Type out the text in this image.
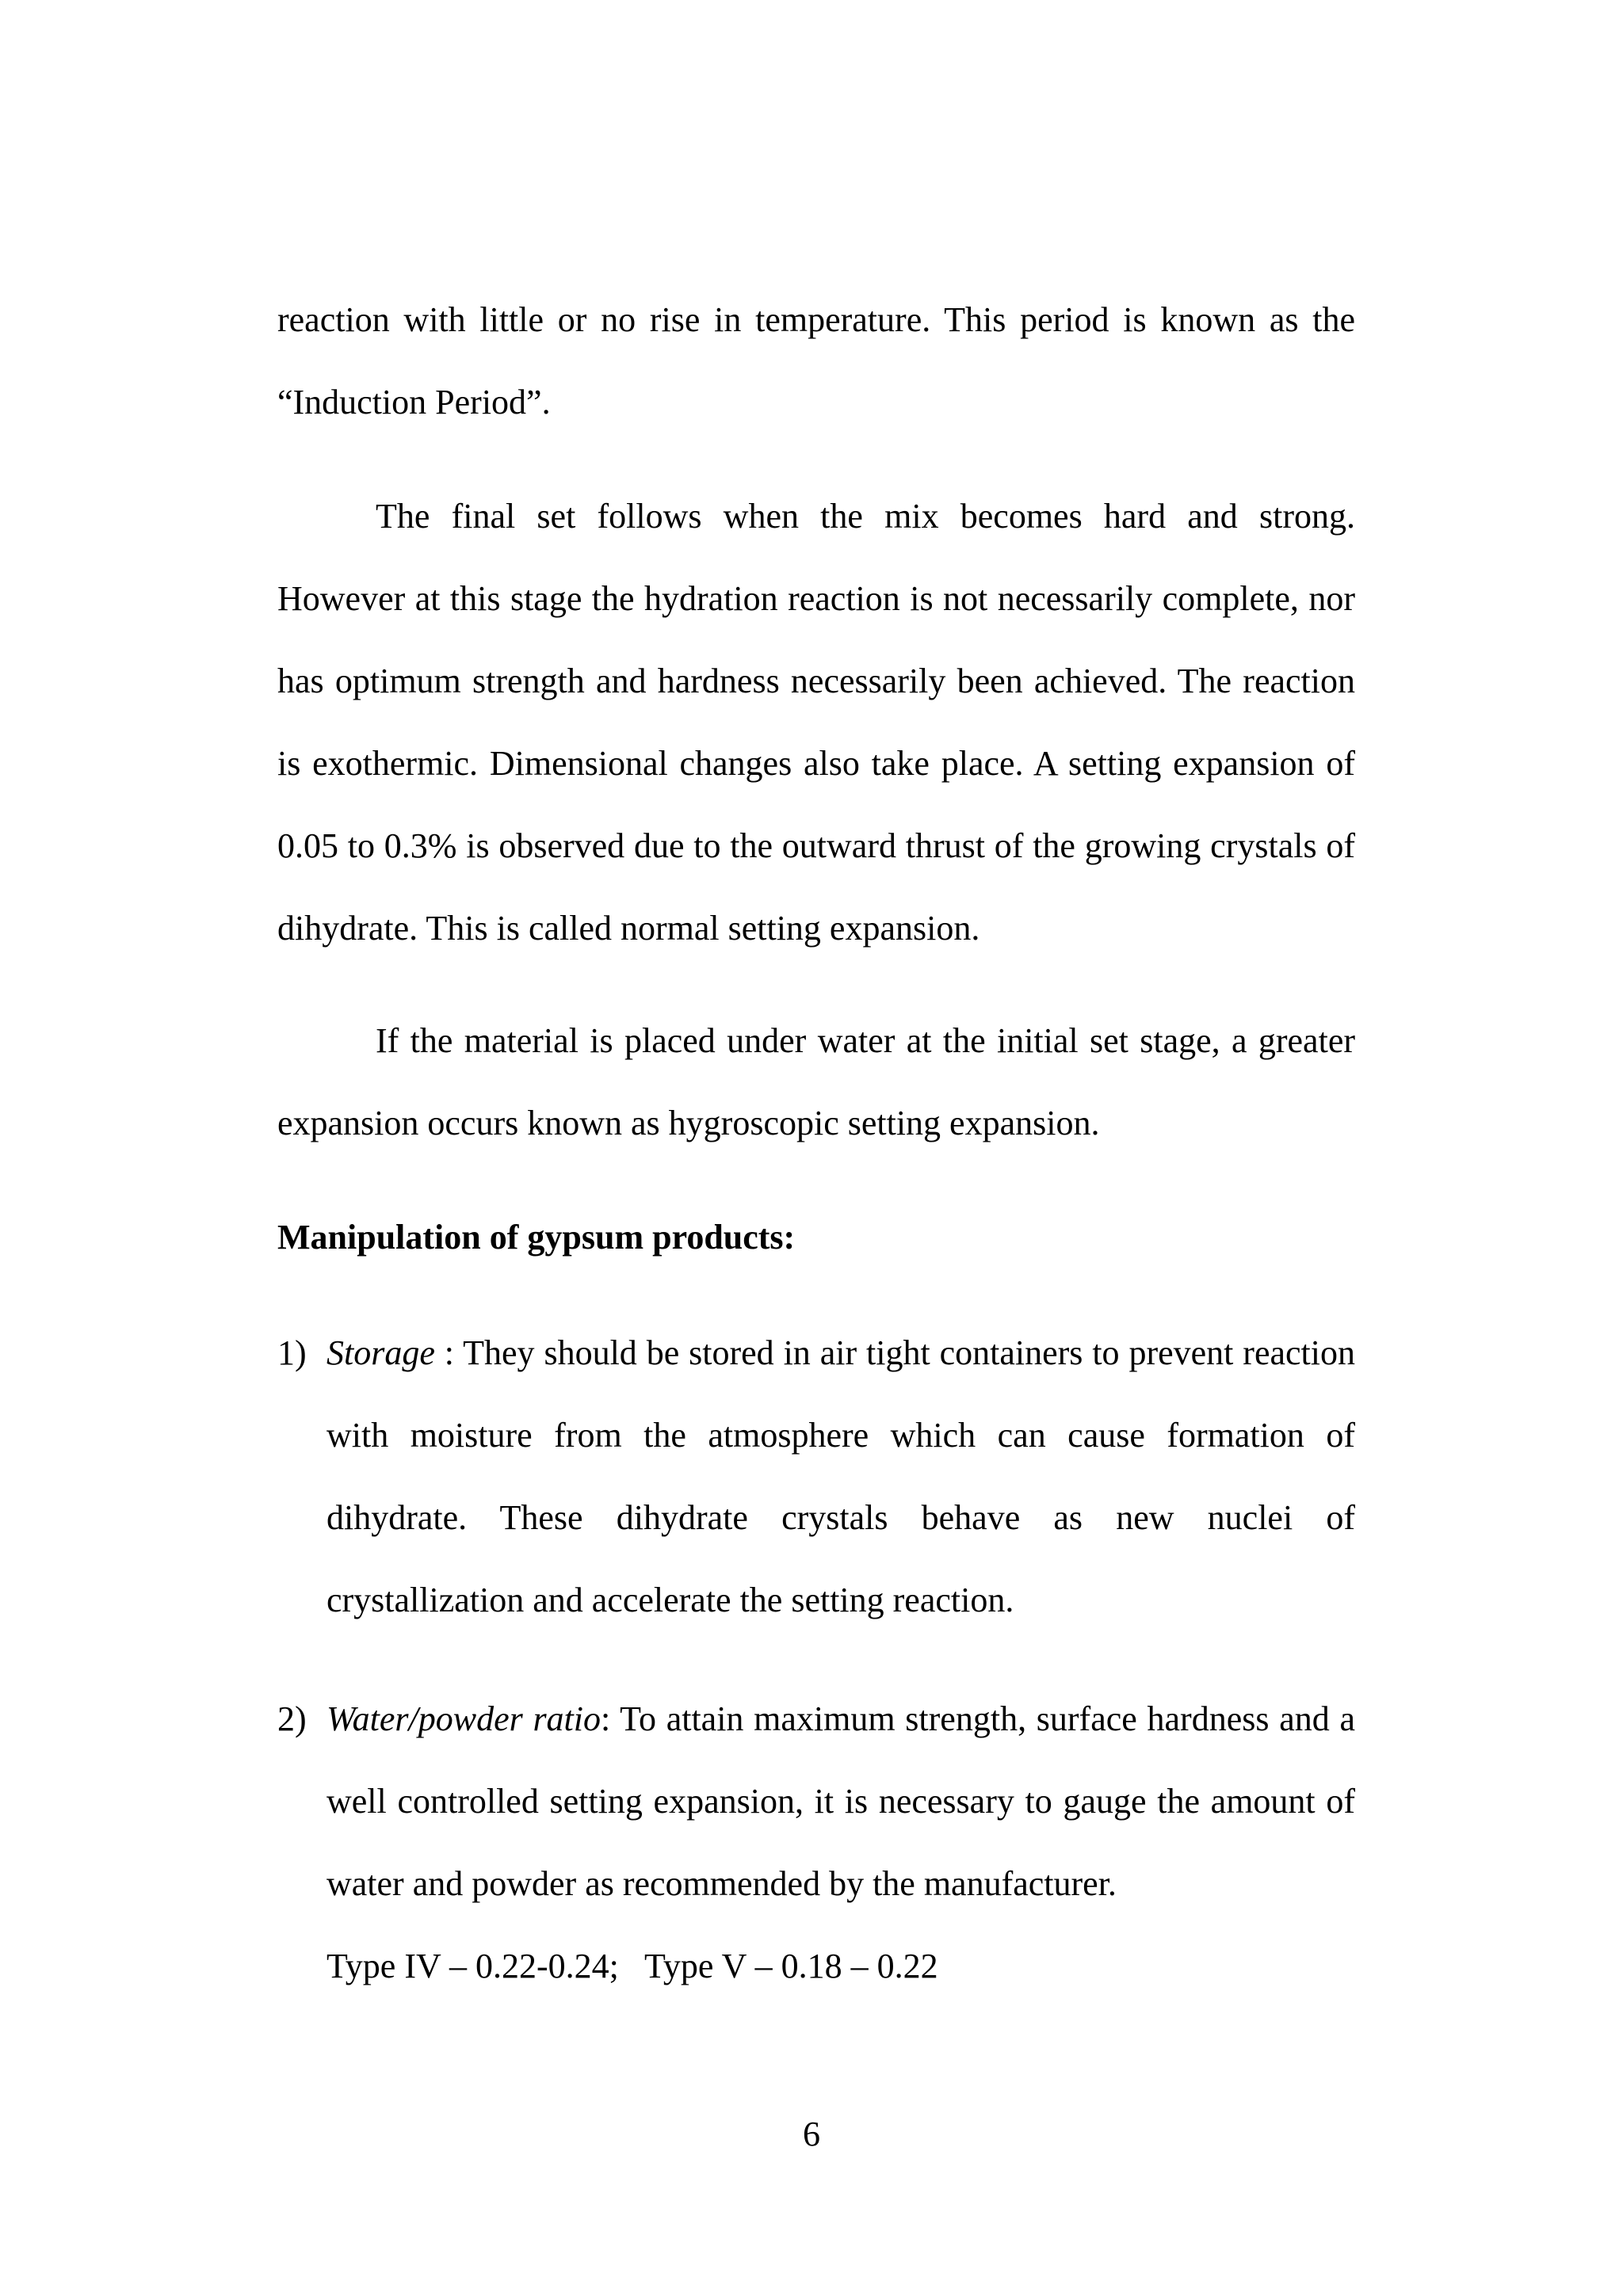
reaction with little or no rise in temperature. This period is known as the “Induction Period”.

The final set follows when the mix becomes hard and strong. However at this stage the hydration reaction is not necessarily complete, nor has optimum strength and hardness necessarily been achieved. The reaction is exothermic. Dimensional changes also take place. A setting expansion of 0.05 to 0.3% is observed due to the outward thrust of the growing crystals of dihydrate. This is called normal setting expansion.

If the material is placed under water at the initial set stage, a greater expansion occurs known as hygroscopic setting expansion.

Manipulation of gypsum products:

1) Storage : They should be stored in air tight containers to prevent reaction with moisture from the atmosphere which can cause formation of dihydrate. These dihydrate crystals behave as new nuclei of crystallization and accelerate the setting reaction.
2) Water/powder ratio: To attain maximum strength, surface hardness and a well controlled setting expansion, it is necessary to gauge the amount of water and powder as recommended by the manufacturer.
Type IV – 0.22-0.24;   Type V – 0.18 – 0.22

6
